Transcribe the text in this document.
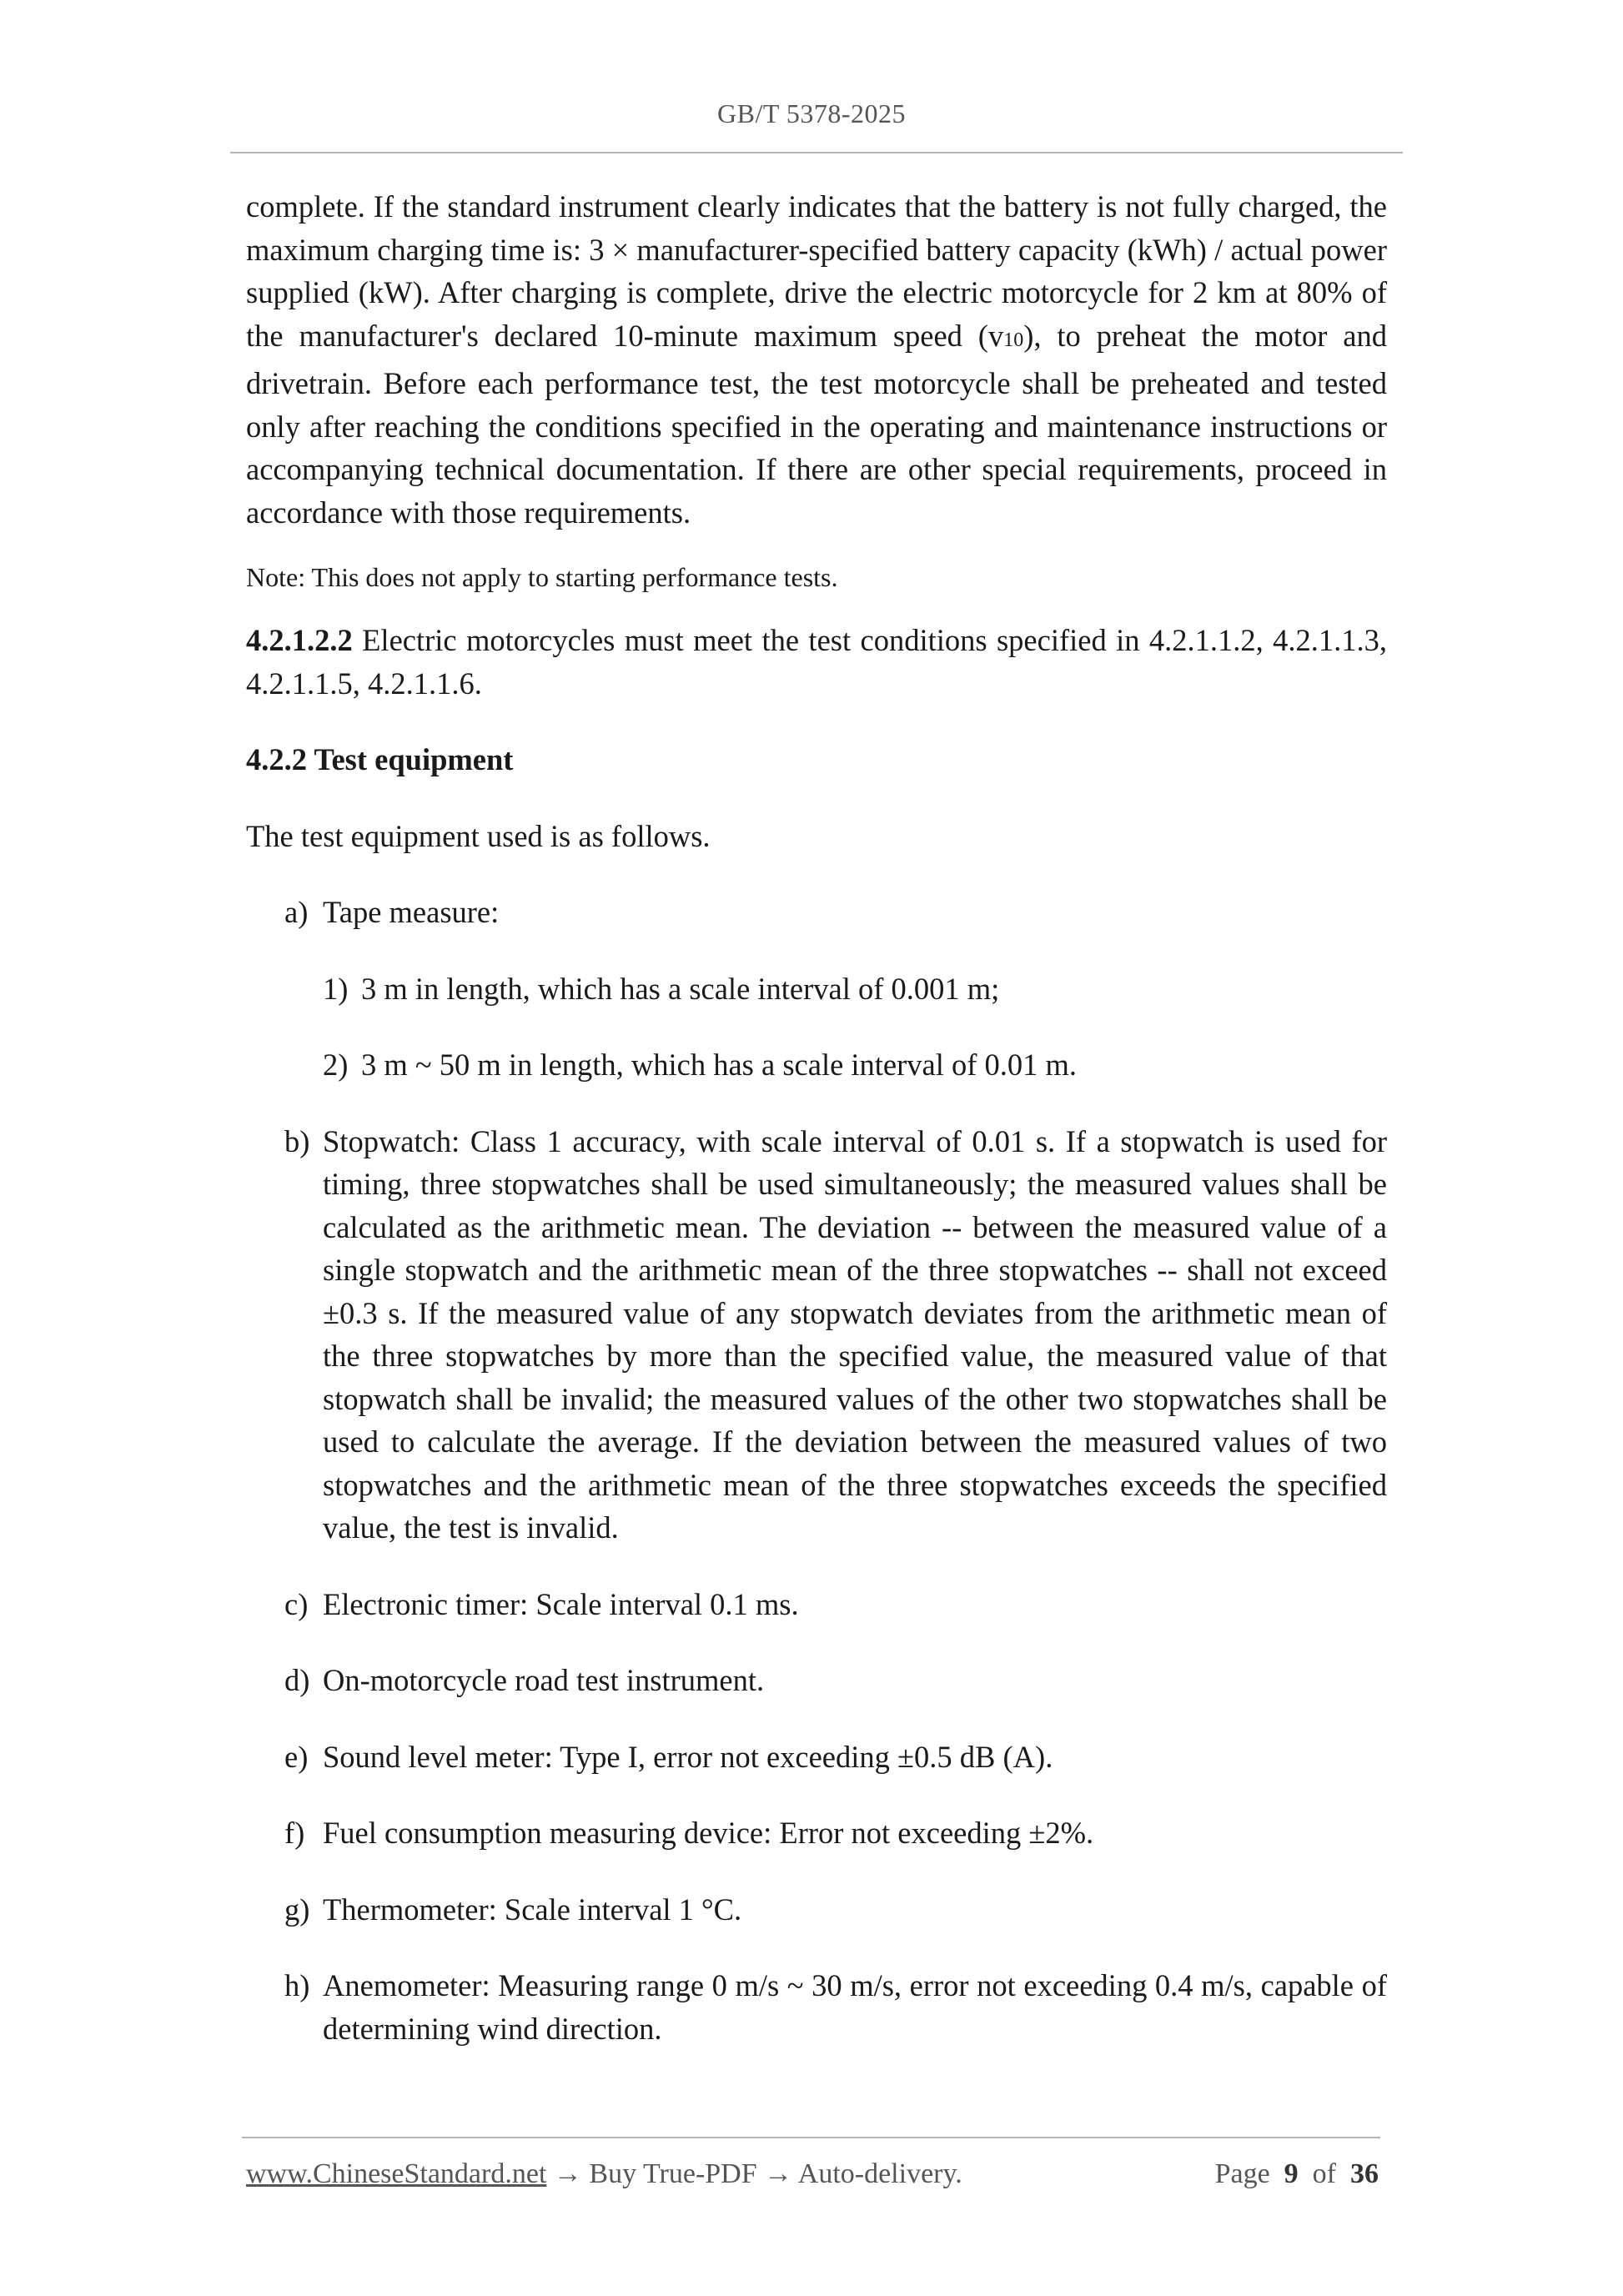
GB/T 5378-2025

complete. If the standard instrument clearly indicates that the battery is not fully charged, the maximum charging time is: 3 × manufacturer-specified battery capacity (kWh) / actual power supplied (kW). After charging is complete, drive the electric motorcycle for 2 km at 80% of the manufacturer's declared 10-minute maximum speed (v10), to preheat the motor and drivetrain. Before each performance test, the test motorcycle shall be preheated and tested only after reaching the conditions specified in the operating and maintenance instructions or accompanying technical documentation. If there are other special requirements, proceed in accordance with those requirements.

Note: This does not apply to starting performance tests.

4.2.1.2.2 Electric motorcycles must meet the test conditions specified in 4.2.1.1.2, 4.2.1.1.3, 4.2.1.1.5, 4.2.1.1.6.

4.2.2 Test equipment

The test equipment used is as follows.

a) Tape measure:
1) 3 m in length, which has a scale interval of 0.001 m;
2) 3 m ~ 50 m in length, which has a scale interval of 0.01 m.
b) Stopwatch: Class 1 accuracy, with scale interval of 0.01 s. If a stopwatch is used for timing, three stopwatches shall be used simultaneously; the measured values shall be calculated as the arithmetic mean. The deviation -- between the measured value of a single stopwatch and the arithmetic mean of the three stopwatches -- shall not exceed ±0.3 s. If the measured value of any stopwatch deviates from the arithmetic mean of the three stopwatches by more than the specified value, the measured value of that stopwatch shall be invalid; the measured values of the other two stopwatches shall be used to calculate the average. If the deviation between the measured values of two stopwatches and the arithmetic mean of the three stopwatches exceeds the specified value, the test is invalid.
c) Electronic timer: Scale interval 0.1 ms.
d) On-motorcycle road test instrument.
e) Sound level meter: Type I, error not exceeding ±0.5 dB (A).
f) Fuel consumption measuring device: Error not exceeding ±2%.
g) Thermometer: Scale interval 1 °C.
h) Anemometer: Measuring range 0 m/s ~ 30 m/s, error not exceeding 0.4 m/s, capable of determining wind direction.
www.ChineseStandard.net → Buy True-PDF → Auto-delivery.	Page 9 of 36
